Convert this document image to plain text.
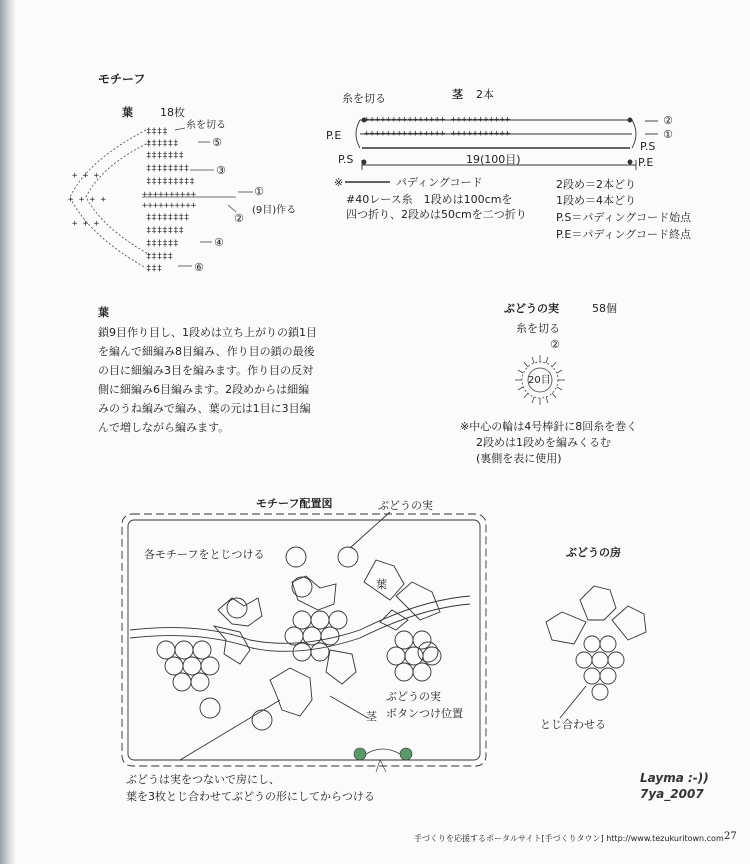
モチーフ
葉 18枚
糸を切る
⑤
③
①
②
(9目)作る
④
⑥
‡‡‡‡
‡‡‡‡‡‡
‡‡‡‡‡‡‡
‡‡‡‡‡‡‡‡
‡‡‡‡‡‡‡‡‡
++++++++++
++++++++++
‡‡‡‡‡‡‡‡
‡‡‡‡‡‡‡
‡‡‡‡‡‡
‡‡‡‡‡
‡‡‡
+ + +
+ + + +
+ + +
糸を切る	茎 2本
+++++++++++++++ +++++++++++
+++++++++++++++ +++++++++++
②
①
P.E
P.S
P.S	P.E
19(100目)
※	パディングコード
#40レース糸　1段めは100cmを
四つ折り、2段めは50cmを二つ折り
2段め＝2本どり
1段め＝4本どり
P.S＝パディングコード始点
P.E＝パディングコード終点
葉
鎖9目作り目し、1段めは立ち上がりの鎖1目
を編んで細編み8目編み、作り目の鎖の最後
の目に細編み3目を編みます。作り目の反対
側に細編み6目編みます。2段めからは細編
みのうね編みで編み、葉の元は1目に3目編
んで増しながら編みます。
ぶどうの実	58個
糸を切る
②
20目
※中心の輪は4号棒針に8回糸を巻く
2段めは1段めを編みくるむ
(裏側を表に使用)
モチーフ配置図	ぶどうの実
各モチーフをとじつける
葉
ぶどうの実
ボタンつけ位置
茎
ぶどうは実をつないで房にし、
葉を3枚とじ合わせてぶどうの形にしてからつける
ぶどうの房
とじ合わせる
Layma :-))
7ya_2007
手づくりを応援するポータルサイト[手づくりタウン] http://www.tezukuritown.com 27
